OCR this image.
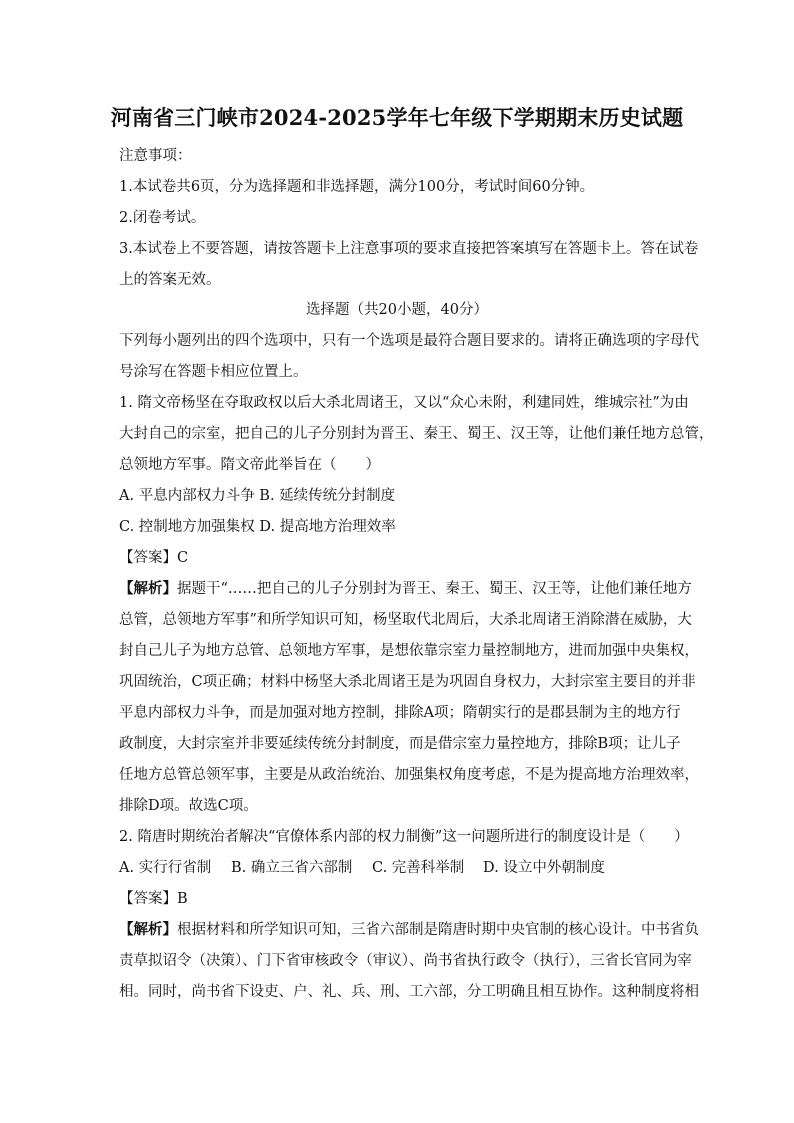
河南省三门峡市2024-2025学年七年级下学期期末历史试题
注意事项：
1.本试卷共6页，分为选择题和非选择题，满分100分，考试时间60分钟。
2.闭卷考试。
3.本试卷上不要答题，请按答题卡上注意事项的要求直接把答案填写在答题卡上。答在试卷
上的答案无效。
选择题（共20小题，40分）
下列每小题列出的四个选项中，只有一个选项是最符合题目要求的。请将正确选项的字母代
号涂写在答题卡相应位置上。
1. 隋文帝杨坚在夺取政权以后大杀北周诸王，又以“众心未附，利建同姓，维城宗社”为由
大封自己的宗室，把自己的儿子分别封为晋王、秦王、蜀王、汉王等，让他们兼任地方总管，
总领地方军事。隋文帝此举旨在（　　）
A. 平息内部权力斗争 B. 延续传统分封制度
C. 控制地方加强集权 D. 提高地方治理效率
【答案】C
【解析】据题干“……把自己的儿子分别封为晋王、秦王、蜀王、汉王等，让他们兼任地方
总管，总领地方军事”和所学知识可知，杨坚取代北周后，大杀北周诸王消除潜在威胁，大
封自己儿子为地方总管、总领地方军事，是想依靠宗室力量控制地方，进而加强中央集权，
巩固统治，C项正确；材料中杨坚大杀北周诸王是为巩固自身权力，大封宗室主要目的并非
平息内部权力斗争，而是加强对地方控制，排除A项；隋朝实行的是郡县制为主的地方行
政制度，大封宗室并非要延续传统分封制度，而是借宗室力量控地方，排除B项；让儿子
任地方总管总领军事，主要是从政治统治、加强集权角度考虑，不是为提高地方治理效率，
排除D项。故选C项。
2. 隋唐时期统治者解决“官僚体系内部的权力制衡”这一问题所进行的制度设计是（　　）
A. 实行行省制 B. 确立三省六部制 C. 完善科举制 D. 设立中外朝制度
【答案】B
【解析】根据材料和所学知识可知，三省六部制是隋唐时期中央官制的核心设计。中书省负
责草拟诏令（决策）、门下省审核政令（审议）、尚书省执行政令（执行），三省长官同为宰
相。同时，尚书省下设吏、户、礼、兵、刑、工六部，分工明确且相互协作。这种制度将相
